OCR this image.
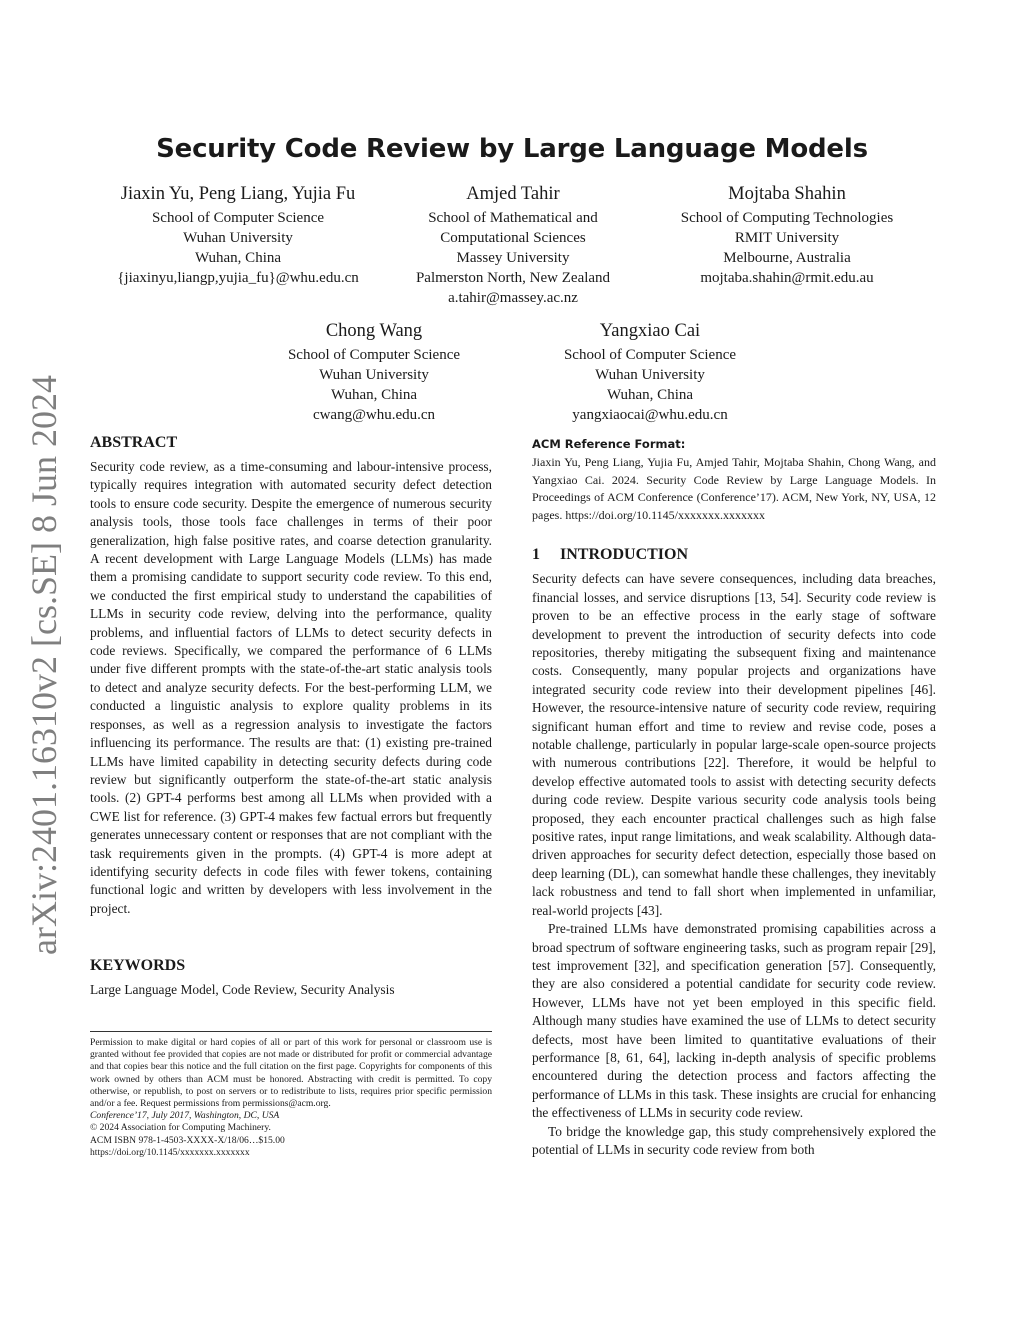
arXiv:2401.16310v2 [cs.SE] 8 Jun 2024
Security Code Review by Large Language Models
Jiaxin Yu, Peng Liang, Yujia Fu
School of Computer Science
Wuhan University
Wuhan, China
{jiaxinyu,liangp,yujia_fu}@whu.edu.cn
Amjed Tahir
School of Mathematical and
Computational Sciences
Massey University
Palmerston North, New Zealand
a.tahir@massey.ac.nz
Mojtaba Shahin
School of Computing Technologies
RMIT University
Melbourne, Australia
mojtaba.shahin@rmit.edu.au
Chong Wang
School of Computer Science
Wuhan University
Wuhan, China
cwang@whu.edu.cn
Yangxiao Cai
School of Computer Science
Wuhan University
Wuhan, China
yangxiaocai@whu.edu.cn
ABSTRACT

Security code review, as a time-consuming and labour-intensive process, typically requires integration with automated security defect detection tools to ensure code security. Despite the emergence of numerous security analysis tools, those tools face challenges in terms of their poor generalization, high false positive rates, and coarse detection granularity. A recent development with Large Language Models (LLMs) has made them a promising candidate to support security code review. To this end, we conducted the first empirical study to understand the capabilities of LLMs in security code review, delving into the performance, quality problems, and influential factors of LLMs to detect security defects in code reviews. Specifically, we compared the performance of 6 LLMs under five different prompts with the state-of-the-art static analysis tools to detect and analyze security defects. For the best-performing LLM, we conducted a linguistic analysis to explore quality problems in its responses, as well as a regression analysis to investigate the factors influencing its performance. The results are that: (1) existing pre-trained LLMs have limited capability in detecting security defects during code review but significantly outperform the state-of-the-art static analysis tools. (2) GPT-4 performs best among all LLMs when provided with a CWE list for reference. (3) GPT-4 makes few factual errors but frequently generates unnecessary content or responses that are not compliant with the task requirements given in the prompts. (4) GPT-4 is more adept at identifying security defects in code files with fewer tokens, containing functional logic and written by developers with less involvement in the project.

KEYWORDS

Large Language Model, Code Review, Security Analysis

Permission to make digital or hard copies of all or part of this work for personal or classroom use is granted without fee provided that copies are not made or distributed for profit or commercial advantage and that copies bear this notice and the full citation on the first page. Copyrights for components of this work owned by others than ACM must be honored. Abstracting with credit is permitted. To copy otherwise, or republish, to post on servers or to redistribute to lists, requires prior specific permission and/or a fee. Request permissions from permissions@acm.org.

Conference’17, July 2017, Washington, DC, USA
© 2024 Association for Computing Machinery.
ACM ISBN 978-1-4503-XXXX-X/18/06…$15.00
https://doi.org/10.1145/xxxxxxx.xxxxxxx
ACM Reference Format:
Jiaxin Yu, Peng Liang, Yujia Fu, Amjed Tahir, Mojtaba Shahin, Chong Wang, and Yangxiao Cai. 2024. Security Code Review by Large Language Models. In Proceedings of ACM Conference (Conference’17). ACM, New York, NY, USA, 12 pages. https://doi.org/10.1145/xxxxxxx.xxxxxxx
1 INTRODUCTION

Security defects can have severe consequences, including data breaches, financial losses, and service disruptions [13, 54]. Security code review is proven to be an effective process in the early stage of software development to prevent the introduction of security defects into code repositories, thereby mitigating the subsequent fixing and maintenance costs. Consequently, many popular projects and organizations have integrated security code review into their development pipelines [46]. However, the resource-intensive nature of security code review, requiring significant human effort and time to review and revise code, poses a notable challenge, particularly in popular large-scale open-source projects with numerous contributions [22]. Therefore, it would be helpful to develop effective automated tools to assist with detecting security defects during code review. Despite various security code analysis tools being proposed, they each encounter practical challenges such as high false positive rates, input range limitations, and weak scalability. Although data-driven approaches for security defect detection, especially those based on deep learning (DL), can somewhat handle these challenges, they inevitably lack robustness and tend to fall short when implemented in unfamiliar, real-world projects [43].

Pre-trained LLMs have demonstrated promising capabilities across a broad spectrum of software engineering tasks, such as program repair [29], test improvement [32], and specification generation [57]. Consequently, they are also considered a potential candidate for security code review. However, LLMs have not yet been employed in this specific field. Although many studies have examined the use of LLMs to detect security defects, most have been limited to quantitative evaluations of their performance [8, 61, 64], lacking in-depth analysis of specific problems encountered during the detection process and factors affecting the performance of LLMs in this task. These insights are crucial for enhancing the effectiveness of LLMs in security code review.

To bridge the knowledge gap, this study comprehensively explored the potential of LLMs in security code review from both
